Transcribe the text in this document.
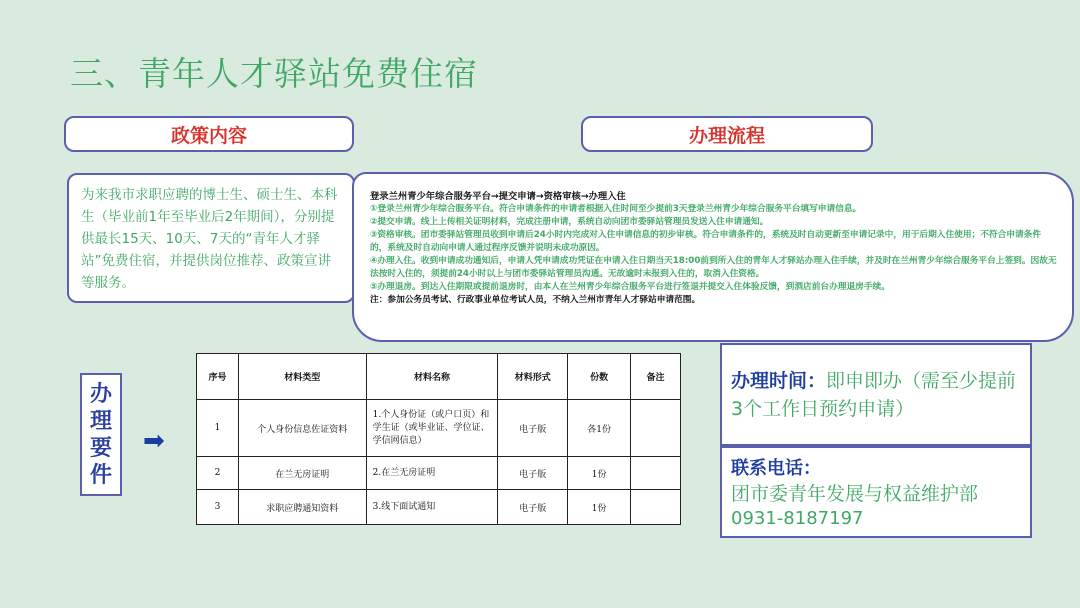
三、青年人才驿站免费住宿
政策内容
为来我市求职应聘的博士生、硕士生、本科生（毕业前1年至毕业后2年期间），分别提供最长15天、10天、7天的“青年人才驿站”免费住宿，并提供岗位推荐、政策宣讲等服务。
办理流程
登录兰州青少年综合服务平台→提交申请→资格审核→办理入住
①登录兰州青少年综合服务平台。符合申请条件的申请者根据入住时间至少提前3天登录兰州青少年综合服务平台填写申请信息。
②提交申请。线上上传相关证明材料，完成注册申请，系统自动向团市委驿站管理员发送入住申请通知。
③资格审核。团市委驿站管理员收到申请后24小时内完成对入住申请信息的初步审核。符合申请条件的，系统及时自动更新至申请记录中，用于后期入住使用；不符合申请条件的，系统及时自动向申请人通过程序反馈并说明未成功原因。
④办理入住。收到申请成功通知后，申请人凭申请成功凭证在申请入住日期当天18:00前到所入住的青年人才驿站办理入住手续，并及时在兰州青少年综合服务平台上签到。因故无法按时入住的，须提前24小时以上与团市委驿站管理员沟通。无故逾时未报到入住的，取消入住资格。
⑤办理退房。到达入住期限或提前退房时，由本人在兰州青少年综合服务平台进行签退并提交入住体验反馈，到酒店前台办理退房手续。
注：参加公务员考试、行政事业单位考试人员，不纳入兰州市青年人才驿站申请范围。
办
理
要
件
➡
序号	材料类型	材料名称	材料形式	份数	备注
1	个人身份信息佐证资料	1.个人身份证（或户口页）和学生证（或毕业证、学位证、学信网信息）	电子版	各1份	
2	在兰无房证明	2.在兰无房证明	电子版	1份	
3	求职应聘通知资料	3.线下面试通知	电子版	1份	
办理时间：即申即办（需至少提前3个工作日预约申请）
联系电话：
团市委青年发展与权益维护部
0931-8187197
